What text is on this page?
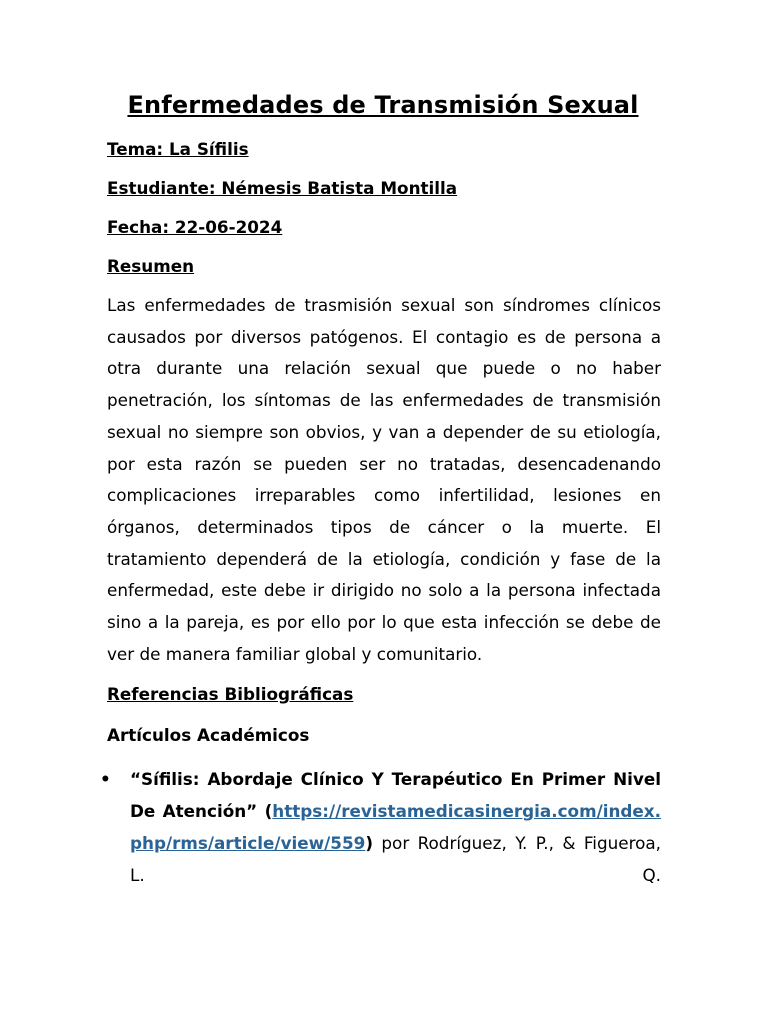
Enfermedades de Transmisión Sexual

Tema: La Sífilis

Estudiante: Némesis Batista Montilla

Fecha: 22-06-2024

Resumen

Las enfermedades de trasmisión sexual son síndromes clínicos causados por diversos patógenos. El contagio es de persona a otra durante una relación sexual que puede o no haber penetración, los síntomas de las enfermedades de transmisión sexual no siempre son obvios, y van a depender de su etiología, por esta razón se pueden ser no tratadas, desencadenando complicaciones irreparables como infertilidad, lesiones en órganos, determinados tipos de cáncer o la muerte. El tratamiento dependerá de la etiología, condición y fase de la enfermedad, este debe ir dirigido no solo a la persona infectada sino a la pareja, es por ello por lo que esta infección se debe de ver de manera familiar global y comunitario.

Referencias Bibliográficas

Artículos Académicos

• “Sífilis: Abordaje Clínico Y Terapéutico En Primer Nivel De Atención” (https://revistamedicasinergia.com/index.php/rms/article/view/559) por Rodríguez, Y. P., & Figueroa, L. Q.
